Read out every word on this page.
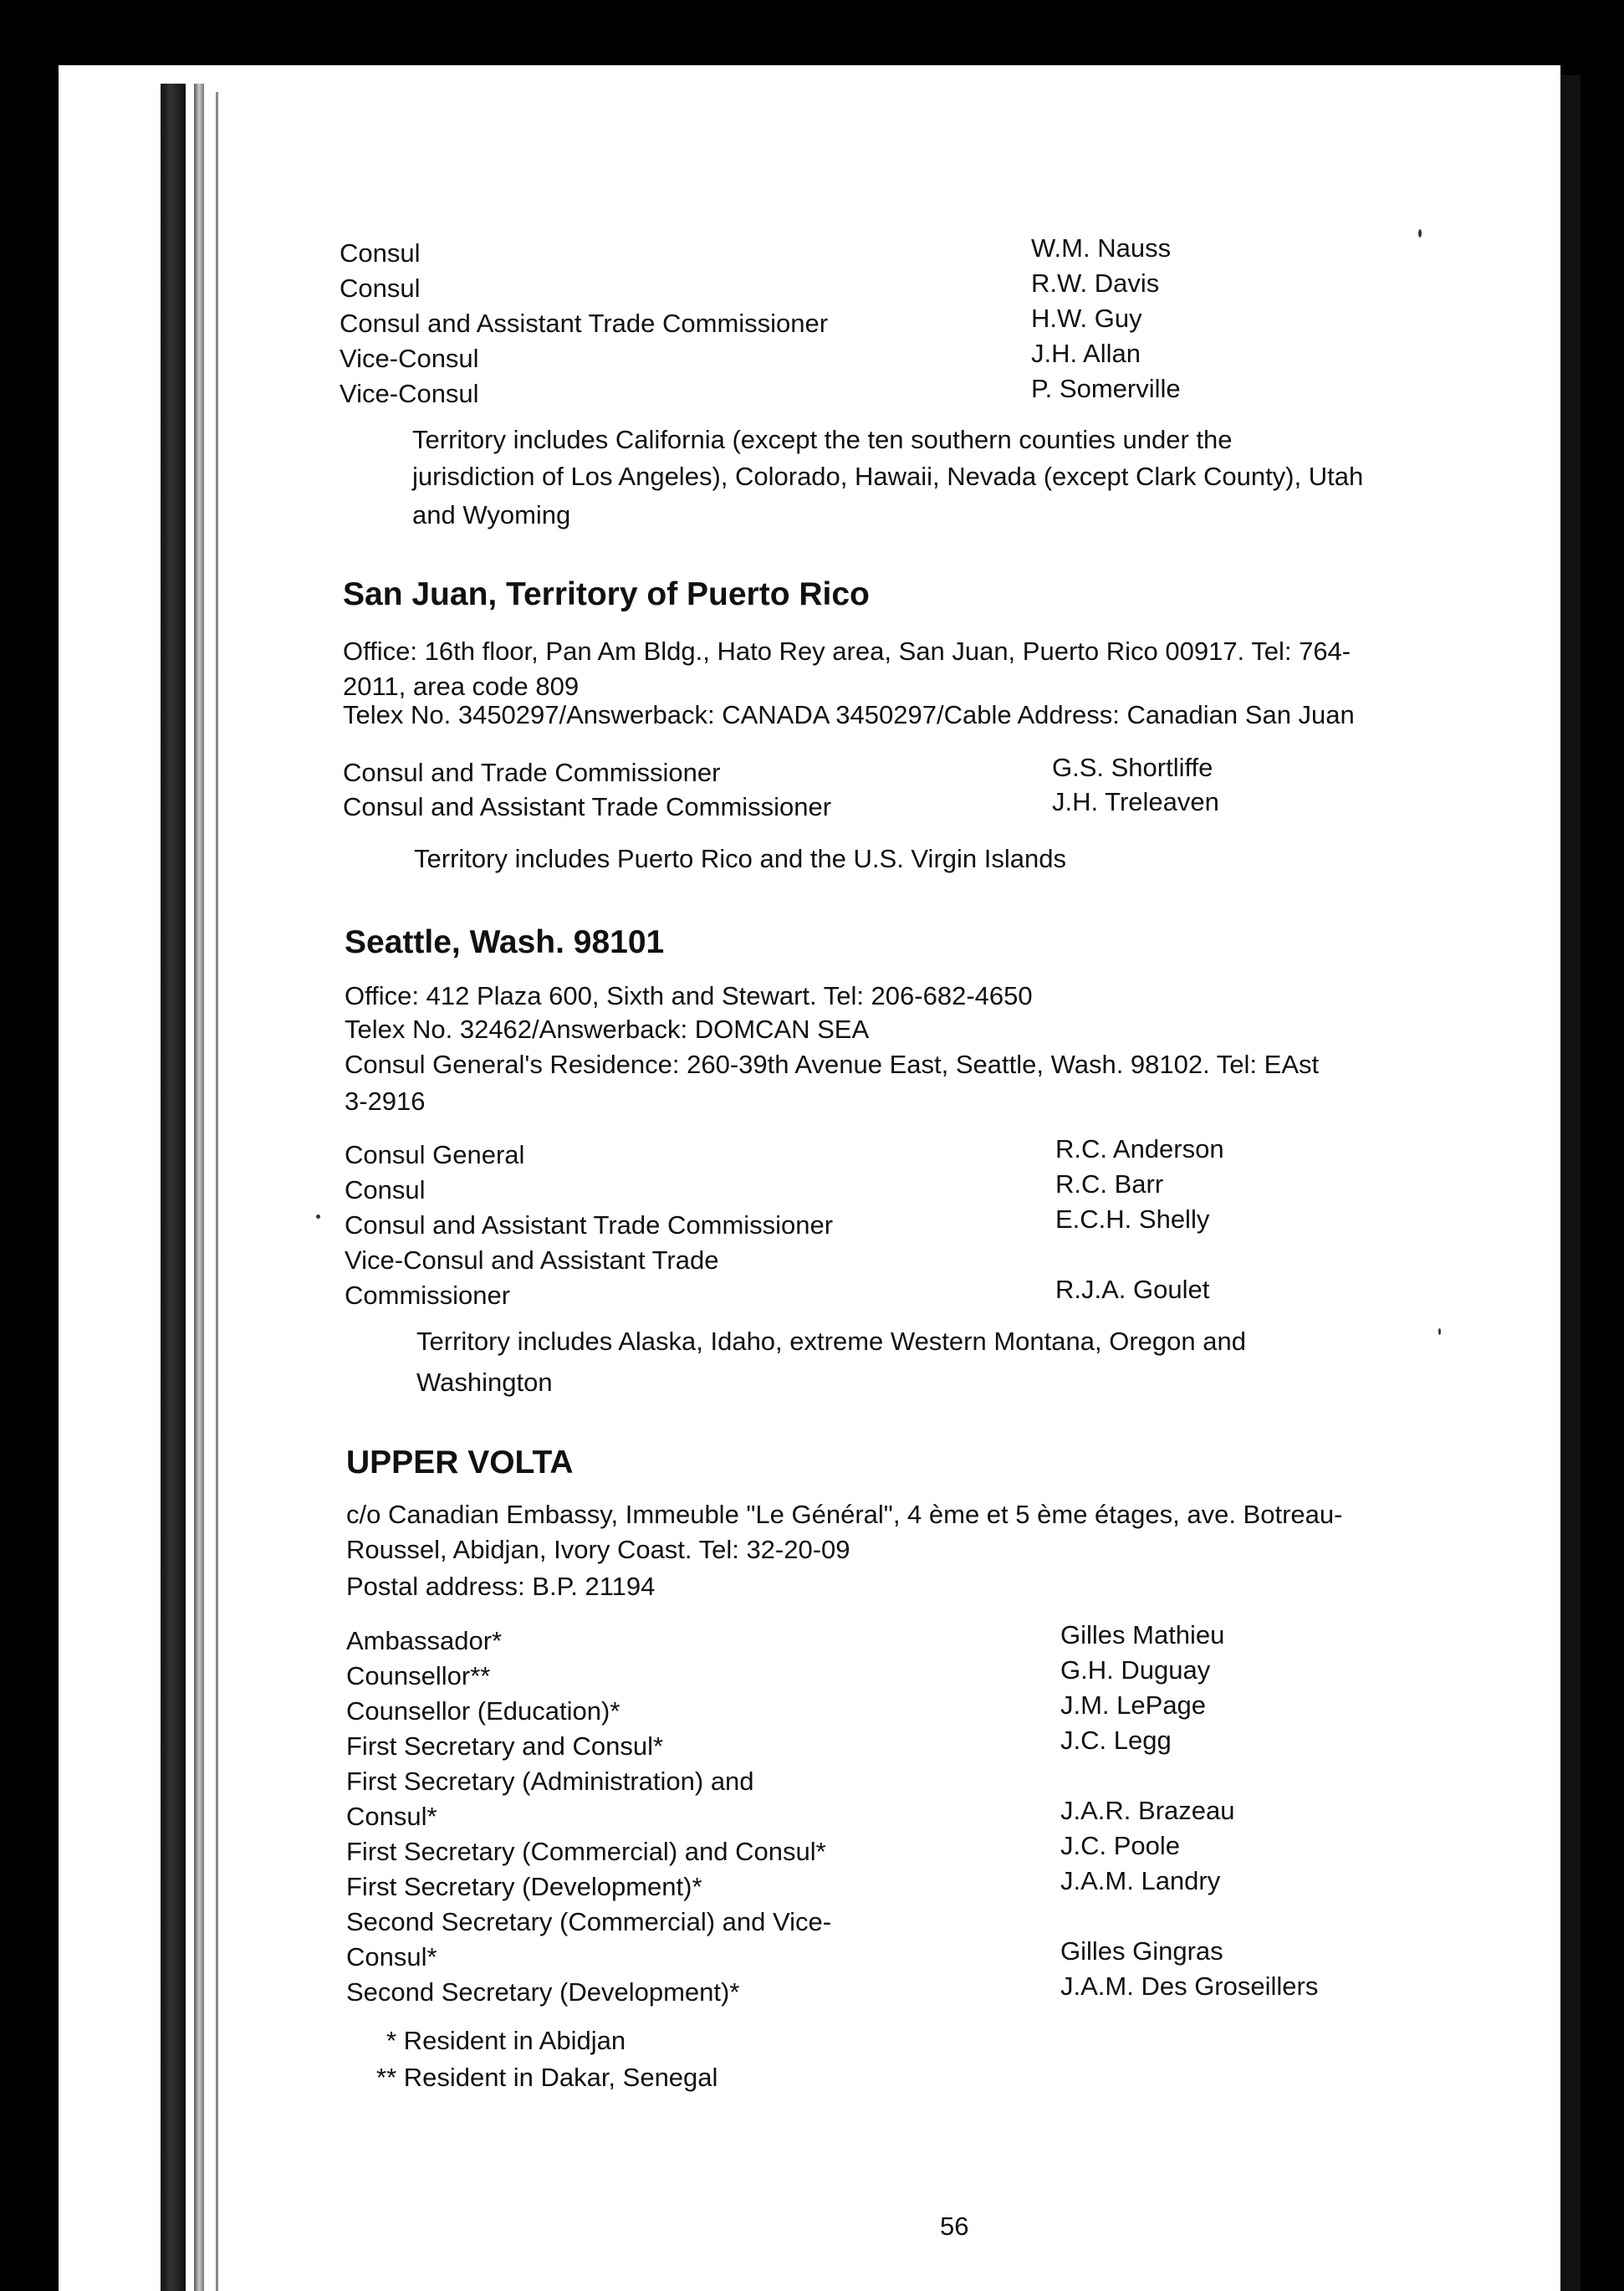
Consul	W.M. Nauss
Consul	R.W. Davis
Consul and Assistant Trade Commissioner	H.W. Guy
Vice-Consul	J.H. Allan
Vice-Consul	P. Somerville
Territory includes California (except the ten southern counties under the
jurisdiction of Los Angeles), Colorado, Hawaii, Nevada (except Clark County), Utah
and Wyoming
San Juan, Territory of Puerto Rico
Office: 16th floor, Pan Am Bldg., Hato Rey area, San Juan, Puerto Rico 00917. Tel: 764-
2011, area code 809
Telex No. 3450297/Answerback: CANADA 3450297/Cable Address: Canadian San Juan
Consul and Trade Commissioner	G.S. Shortliffe
Consul and Assistant Trade Commissioner	J.H. Treleaven
Territory includes Puerto Rico and the U.S. Virgin Islands
Seattle, Wash. 98101
Office: 412 Plaza 600, Sixth and Stewart. Tel: 206-682-4650
Telex No. 32462/Answerback: DOMCAN SEA
Consul General's Residence: 260-39th Avenue East, Seattle, Wash. 98102. Tel: EAst
3-2916
Consul General	R.C. Anderson
Consul	R.C. Barr
Consul and Assistant Trade Commissioner	E.C.H. Shelly
Vice-Consul and Assistant Trade
Commissioner	R.J.A. Goulet
Territory includes Alaska, Idaho, extreme Western Montana, Oregon and
Washington
UPPER VOLTA
c/o Canadian Embassy, Immeuble "Le Général", 4 ème et 5 ème étages, ave. Botreau-
Roussel, Abidjan, Ivory Coast. Tel: 32-20-09
Postal address: B.P. 21194
Ambassador*	Gilles Mathieu
Counsellor**	G.H. Duguay
Counsellor (Education)*	J.M. LePage
First Secretary and Consul*	J.C. Legg
First Secretary (Administration) and
Consul*	J.A.R. Brazeau
First Secretary (Commercial) and Consul*	J.C. Poole
First Secretary (Development)*	J.A.M. Landry
Second Secretary (Commercial) and Vice-
Consul*	Gilles Gingras
Second Secretary (Development)*	J.A.M. Des Groseillers
* Resident in Abidjan
** Resident in Dakar, Senegal
56
